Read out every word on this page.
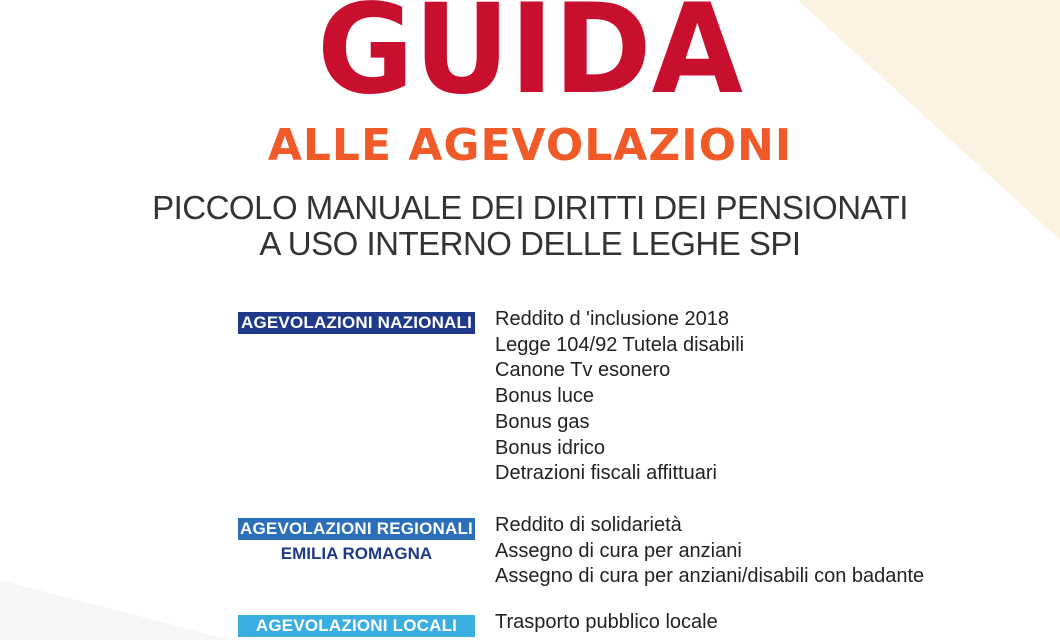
GUIDA
ALLE AGEVOLAZIONI
PICCOLO MANUALE DEI DIRITTI DEI PENSIONATI
A USO INTERNO DELLE LEGHE SPI
AGEVOLAZIONI NAZIONALI Reddito d 'inclusione 2018
Legge 104/92 Tutela disabili
Canone Tv esonero
Bonus luce
Bonus gas
Bonus idrico
Detrazioni fiscali affittuari
AGEVOLAZIONI REGIONALI
EMILIA ROMAGNA
Reddito di solidarietà
Assegno di cura per anziani
Assegno di cura per anziani/disabili con badante
AGEVOLAZIONI LOCALI	Trasporto pubblico locale
